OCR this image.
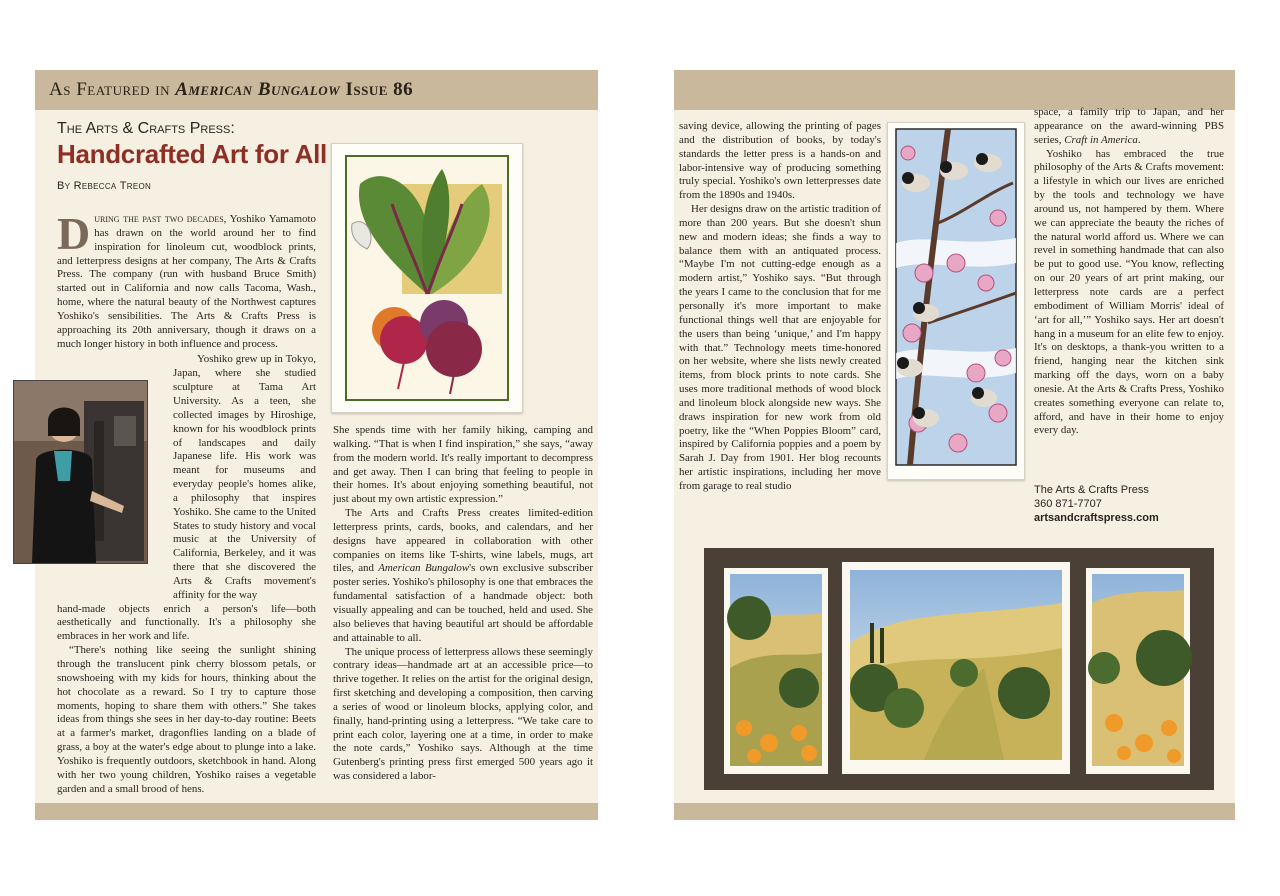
As Featured in American Bungalow Issue 86
The Arts & Crafts Press:
Handcrafted Art for All
By Rebecca Treon

During the past two decades, Yoshiko Yamamoto has drawn on the world around her to find inspiration for linoleum cut, woodblock prints, and letterpress designs at her company, The Arts & Crafts Press. The company (run with husband Bruce Smith) started out in California and now calls Tacoma, Wash., home, where the natural beauty of the Northwest captures Yoshiko's sensibilities. The Arts & Crafts Press is approaching its 20th anniversary, though it draws on a much longer history in both influence and process.

Yoshiko grew up in Tokyo, Japan, where she studied sculpture at Tama Art University. As a teen, she collected images by Hiroshige, known for his woodblock prints of landscapes and daily Japanese life. His work was meant for museums and everyday people's homes alike, a philosophy that inspires Yoshiko. She came to the United States to study history and vocal music at the University of California, Berkeley, and it was there that she discovered the Arts & Crafts movement's affinity for the way

hand-made objects enrich a person's life—both aesthetically and functionally. It's a philosophy she embraces in her work and life.

“There's nothing like seeing the sunlight shining through the translucent pink cherry blossom petals, or snowshoeing with my kids for hours, thinking about the hot chocolate as a reward. So I try to capture those moments, hoping to share them with others.” She takes ideas from things she sees in her day-to-day routine: Beets at a farmer's market, dragonflies landing on a blade of grass, a boy at the water's edge about to plunge into a lake. Yoshiko is frequently outdoors, sketchbook in hand. Along with her two young children, Yoshiko raises a vegetable garden and a small brood of hens.

She spends time with her family hiking, camping and walking. “That is when I find inspiration,” she says, “away from the modern world. It's really important to decompress and get away. Then I can bring that feeling to people in their homes. It's about enjoying something beautiful, not just about my own artistic expression.”

The Arts and Crafts Press creates limited-edition letterpress prints, cards, books, and calendars, and her designs have appeared in collaboration with other companies on items like T-shirts, wine labels, mugs, art tiles, and American Bungalow's own exclusive subscriber poster series. Yoshiko's philosophy is one that embraces the fundamental satisfaction of a handmade object: both visually appealing and can be touched, held and used. She also believes that having beautiful art should be affordable and attainable to all.

The unique process of letterpress allows these seemingly contrary ideas—handmade art at an accessible price—to thrive together. It relies on the artist for the original design, first sketching and developing a composition, then carving a series of wood or linoleum blocks, applying color, and finally, hand-printing using a letterpress. “We take care to print each color, layering one at a time, in order to make the note cards,” Yoshiko says. Although at the time Gutenberg's printing press first emerged 500 years ago it was considered a labor-

saving device, allowing the printing of pages and the distribution of books, by today's standards the letter press is a hands-on and labor-intensive way of producing something truly special. Yoshiko's own letterpresses date from the 1890s and 1940s.

Her designs draw on the artistic tradition of more than 200 years. But she doesn't shun new and modern ideas; she finds a way to balance them with an antiquated process. “Maybe I'm not cutting-edge enough as a modern artist,” Yoshiko says. “But through the years I came to the conclusion that for me personally it's more important to make functional things well that are enjoyable for the users than being ‘unique,’ and I'm happy with that.” Technology meets time-honored on her website, where she lists newly created items, from block prints to note cards. She uses more traditional methods of wood block and linoleum block alongside new ways. She draws inspiration for new work from old poetry, like the “When Poppies Bloom” card, inspired by California poppies and a poem by Sarah J. Day from 1901. Her blog recounts her artistic inspirations, including her move from garage to real studio

space, a family trip to Japan, and her appearance on the award-winning PBS series, Craft in America.

Yoshiko has embraced the true philosophy of the Arts & Crafts movement: a lifestyle in which our lives are enriched by the tools and technology we have around us, not hampered by them. Where we can appreciate the beauty the riches of the natural world afford us. Where we can revel in something handmade that can also be put to good use. “You know, reflecting on our 20 years of art print making, our letterpress note cards are a perfect embodiment of William Morris' ideal of ‘art for all,’” Yoshiko says. Her art doesn't hang in a museum for an elite few to enjoy. It's on desktops, a thank-you written to a friend, hanging near the kitchen sink marking off the days, worn on a baby onesie. At the Arts & Crafts Press, Yoshiko creates something everyone can relate to, afford, and have in their home to enjoy every day.

The Arts & Crafts Press
360 871-7707
artsandcraftspress.com
